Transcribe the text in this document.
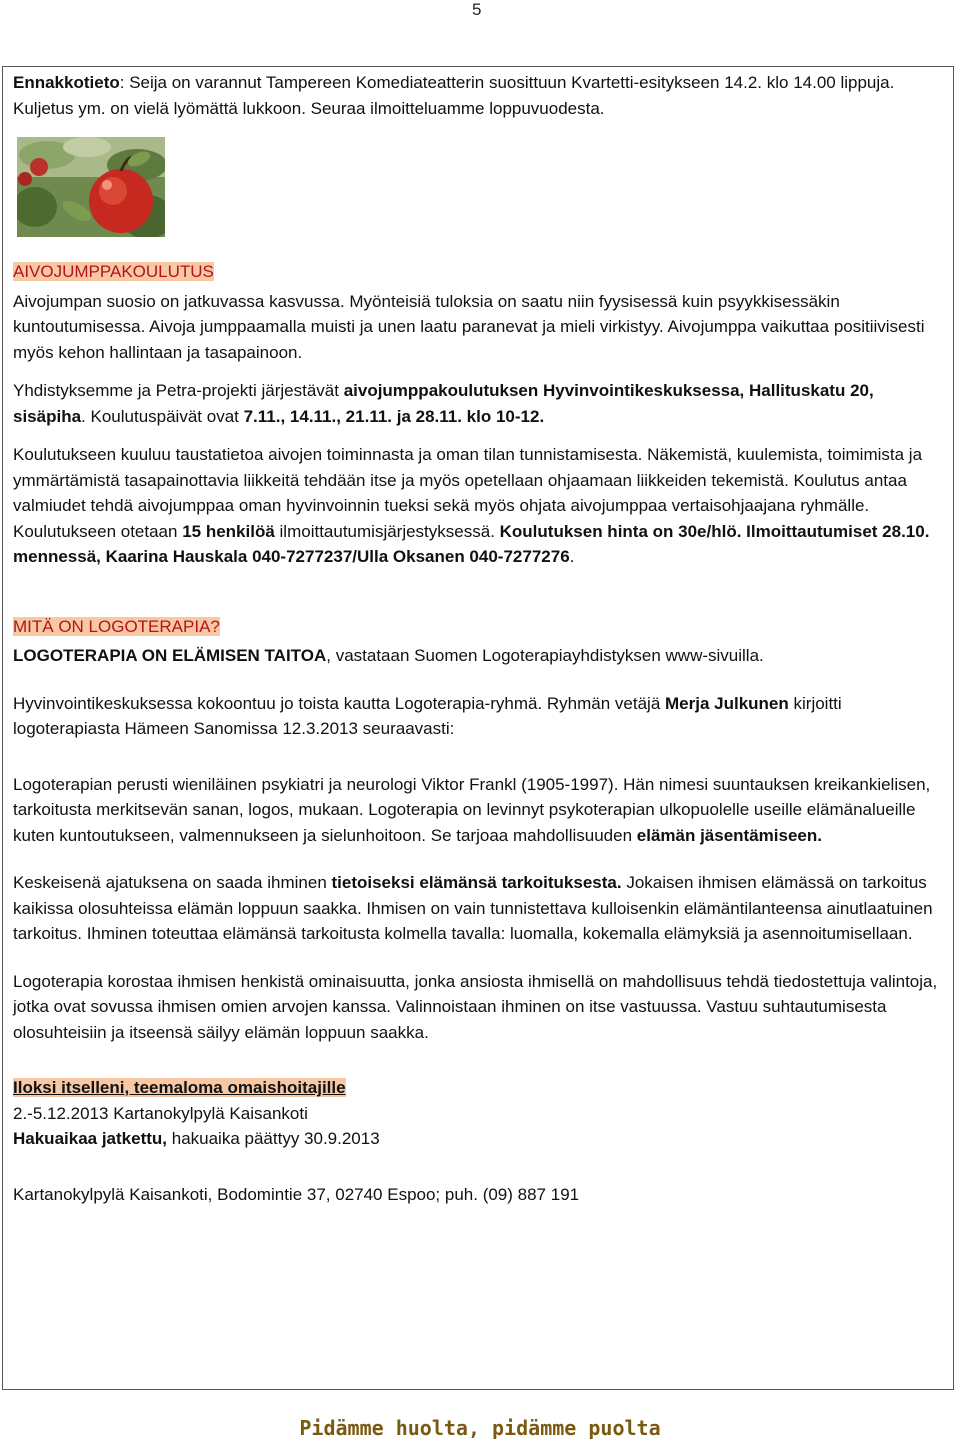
5

Ennakkotieto: Seija on varannut Tampereen Komediateatterin suosittuun Kvartetti-esitykseen 14.2. klo 14.00 lippuja. Kuljetus ym. on vielä lyömättä lukkoon. Seuraa ilmoitteluamme loppuvuodesta.

AIVOJUMPPAKOULUTUS

Aivojumpan suosio on jatkuvassa kasvussa. Myönteisiä tuloksia on saatu niin fyysisessä kuin psyykkisessäkin kuntoutumisessa. Aivoja jumppaamalla muisti ja unen laatu paranevat ja mieli virkistyy. Aivojumppa vaikuttaa positiivisesti myös kehon hallintaan ja tasapainoon.

Yhdistyksemme ja Petra-projekti järjestävät aivojumppakoulutuksen Hyvinvointikeskuksessa, Hallituskatu 20, sisäpiha. Koulutuspäivät ovat 7.11., 14.11., 21.11. ja 28.11. klo 10-12.

Koulutukseen kuuluu taustatietoa aivojen toiminnasta ja oman tilan tunnistamisesta. Näkemistä, kuulemista, toimimista ja ymmärtämistä tasapainottavia liikkeitä tehdään itse ja myös opetellaan ohjaamaan liikkeiden tekemistä. Koulutus antaa valmiudet tehdä aivojumppaa oman hyvinvoinnin tueksi sekä myös ohjata aivojumppaa vertaisohjaajana ryhmälle. Koulutukseen otetaan 15 henkilöä ilmoittautumisjärjestyksessä. Koulutuksen hinta on 30e/hlö. Ilmoittautumiset 28.10. mennessä, Kaarina Hauskala 040-7277237/Ulla Oksanen 040-7277276.

MITÄ ON LOGOTERAPIA?

LOGOTERAPIA ON ELÄMISEN TAITOA, vastataan Suomen Logoterapiayhdistyksen www-sivuilla.

Hyvinvointikeskuksessa kokoontuu jo toista kautta Logoterapia-ryhmä. Ryhmän vetäjä Merja Julkunen kirjoitti logoterapiasta Hämeen Sanomissa 12.3.2013 seuraavasti:

Logoterapian perusti wieniläinen psykiatri ja neurologi Viktor Frankl (1905-1997). Hän nimesi suuntauksen kreikankielisen, tarkoitusta merkitsevän sanan, logos, mukaan. Logoterapia on levinnyt psykoterapian ulkopuolelle useille elämänalueille kuten kuntoutukseen, valmennukseen ja sielunhoitoon. Se tarjoaa mahdollisuuden elämän jäsentämiseen.

Keskeisenä ajatuksena on saada ihminen tietoiseksi elämänsä tarkoituksesta. Jokaisen ihmisen elämässä on tarkoitus kaikissa olosuhteissa elämän loppuun saakka. Ihmisen on vain tunnistettava kulloisenkin elämäntilanteensa ainutlaatuinen tarkoitus. Ihminen toteuttaa elämänsä tarkoitusta kolmella tavalla: luomalla, kokemalla elämyksiä ja asennoitumisellaan.

Logoterapia korostaa ihmisen henkistä ominaisuutta, jonka ansiosta ihmisellä on mahdollisuus tehdä tiedostettuja valintoja, jotka ovat sovussa ihmisen omien arvojen kanssa. Valinnoistaan ihminen on itse vastuussa. Vastuu suhtautumisesta olosuhteisiin ja itseensä säilyy elämän loppuun saakka.

Iloksi itselleni, teemaloma omaishoitajille

2.-5.12.2013 Kartanokylpylä Kaisankoti

Hakuaikaa jatkettu, hakuaika päättyy 30.9.2013

Kartanokylpylä Kaisankoti, Bodomintie 37, 02740 Espoo; puh. (09) 887 191

Pidämme huolta, pidämme puolta
